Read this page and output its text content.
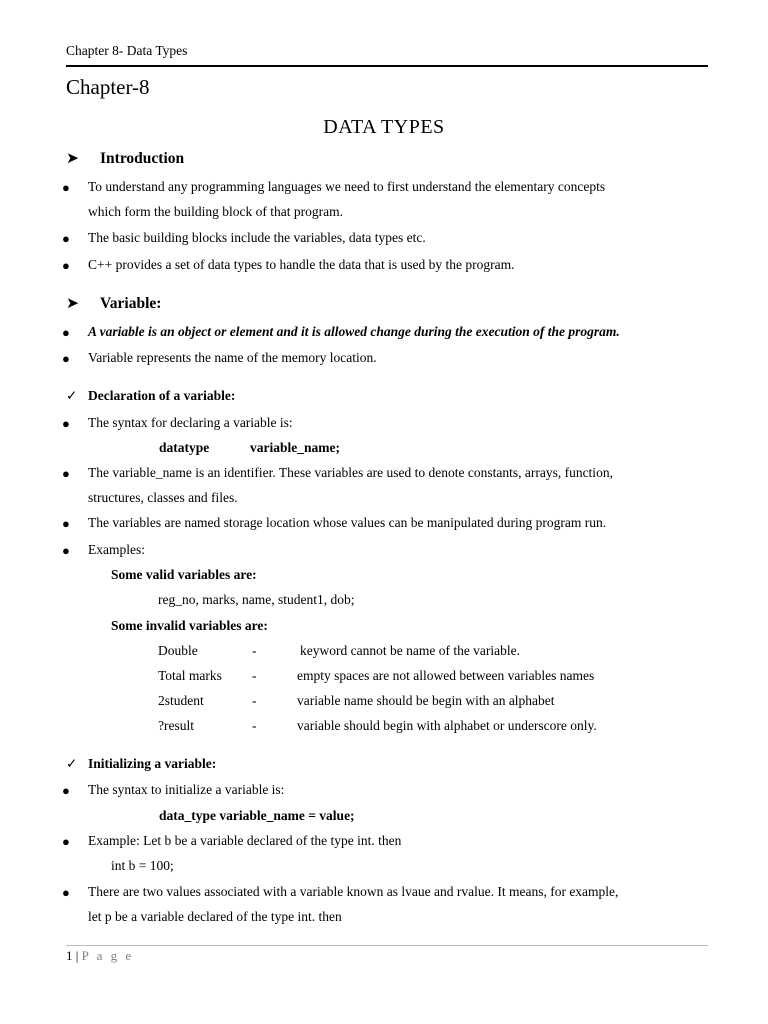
Chapter 8- Data Types
Chapter-8
DATA TYPES
➤ Introduction
● To understand any programming languages we need to first understand the elementary concepts
which form the building block of that program.
● The basic building blocks include the variables, data types etc.
● C++ provides a set of data types to handle the data that is used by the program.
➤ Variable:
● A variable is an object or element and it is allowed change during the execution of the program.
● Variable represents the name of the memory location.
✓ Declaration of a variable:
● The syntax for declaring a variable is:
datatype	variable_name;
● The variable_name is an identifier. These variables are used to denote constants, arrays, function,
structures, classes and files.
● The variables are named storage location whose values can be manipulated during program run.
● Examples:
Some valid variables are:
reg_no, marks, name, student1, dob;
Some invalid variables are:
Double	-	keyword cannot be name of the variable.
Total marks -	empty spaces are not allowed between variables names
2student	-	variable name should be begin with an alphabet
?result	-	variable should begin with alphabet or underscore only.
✓ Initializing a variable:
● The syntax to initialize a variable is:
data_type variable_name = value;
● Example: Let b be a variable declared of the type int. then
int b = 100;
● There are two values associated with a variable known as lvaue and rvalue. It means, for example,
let p be a variable declared of the type int. then
1 | P a g e
